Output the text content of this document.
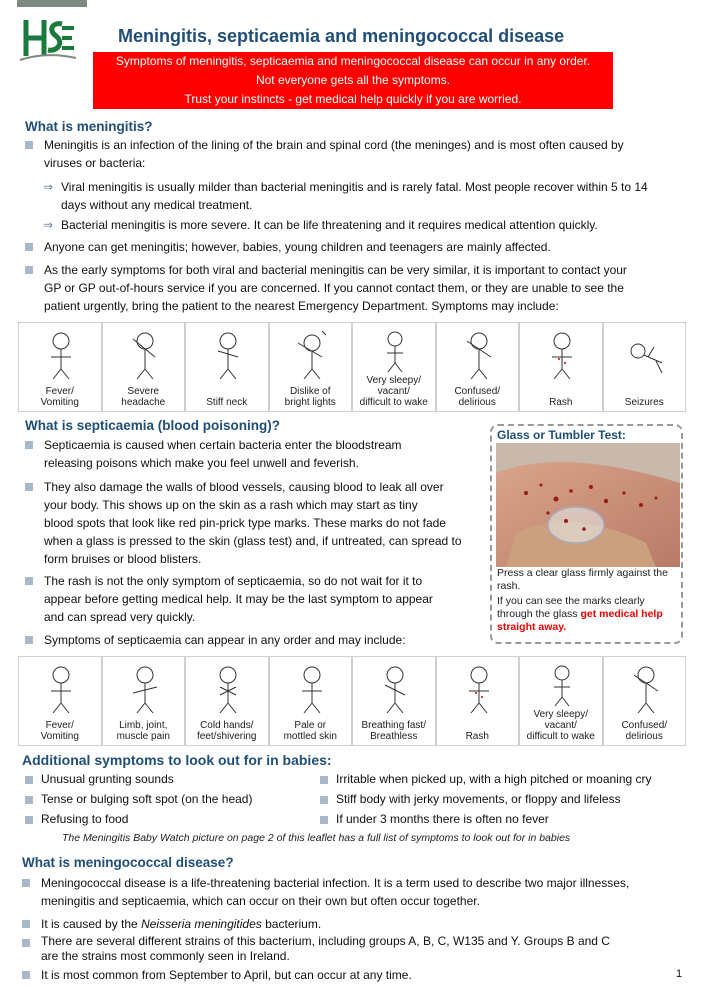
Meningitis, septicaemia and meningococcal disease
Symptoms of meningitis, septicaemia and meningococcal disease can occur in any order.
Not everyone gets all the symptoms.
Trust your instincts - get medical help quickly if you are worried.
What is meningitis?
Meningitis is an infection of the lining of the brain and spinal cord (the meninges) and is most often caused by
viruses or bacteria:
⇒ Viral meningitis is usually milder than bacterial meningitis and is rarely fatal. Most people recover within 5 to 14
days without any medical treatment.
⇒ Bacterial meningitis is more severe. It can be life threatening and it requires medical attention quickly.
Anyone can get meningitis; however, babies, young children and teenagers are mainly affected.
As the early symptoms for both viral and bacterial meningitis can be very similar, it is important to contact your
GP or GP out-of-hours service if you are concerned. If you cannot contact them, or they are unable to see the
patient urgently, bring the patient to the nearest Emergency Department. Symptoms may include:
Fever/
Vomiting
Severe
headache	Stiff neck
Dislike of
bright lights
Very sleepy/
vacant/
difficult to wake
Confused/
delirious	Rash	Seizures
What is septicaemia (blood poisoning)?
Septicaemia is caused when certain bacteria enter the bloodstream
releasing poisons which make you feel unwell and feverish.
They also damage the walls of blood vessels, causing blood to leak all over
your body. This shows up on the skin as a rash which may start as tiny
blood spots that look like red pin-prick type marks. These marks do not fade
when a glass is pressed to the skin (glass test) and, if untreated, can spread to
form bruises or blood blisters.
The rash is not the only symptom of septicaemia, so do not wait for it to
appear before getting medical help. It may be the last symptom to appear
and can spread very quickly.
Symptoms of septicaemia can appear in any order and may include:
Glass or Tumbler Test:
Press a clear glass firmly against the rash.
If you can see the marks clearly through the glass get medical help straight away.
Fever/
Vomiting
Limb, joint,
muscle pain
Cold hands/
feet/shivering
Pale or
mottled skin
Breathing fast/
Breathless	Rash
Very sleepy/
vacant/
difficult to wake
Confused/
delirious
Additional symptoms to look out for in babies:
Unusual grunting sounds
Tense or bulging soft spot (on the head)
Refusing to food
Irritable when picked up, with a high pitched or moaning cry
Stiff body with jerky movements, or floppy and lifeless
If under 3 months there is often no fever
The Meningitis Baby Watch picture on page 2 of this leaflet has a full list of symptoms to look out for in babies
What is meningococcal disease?
Meningococcal disease is a life-threatening bacterial infection. It is a term used to describe two major illnesses,
meningitis and septicaemia, which can occur on their own but often occur together.
It is caused by the Neisseria meningitides bacterium.
There are several different strains of this bacterium, including groups A, B, C, W135 and Y. Groups B and C
are the strains most commonly seen in Ireland.
It is most common from September to April, but can occur at any time.	1
